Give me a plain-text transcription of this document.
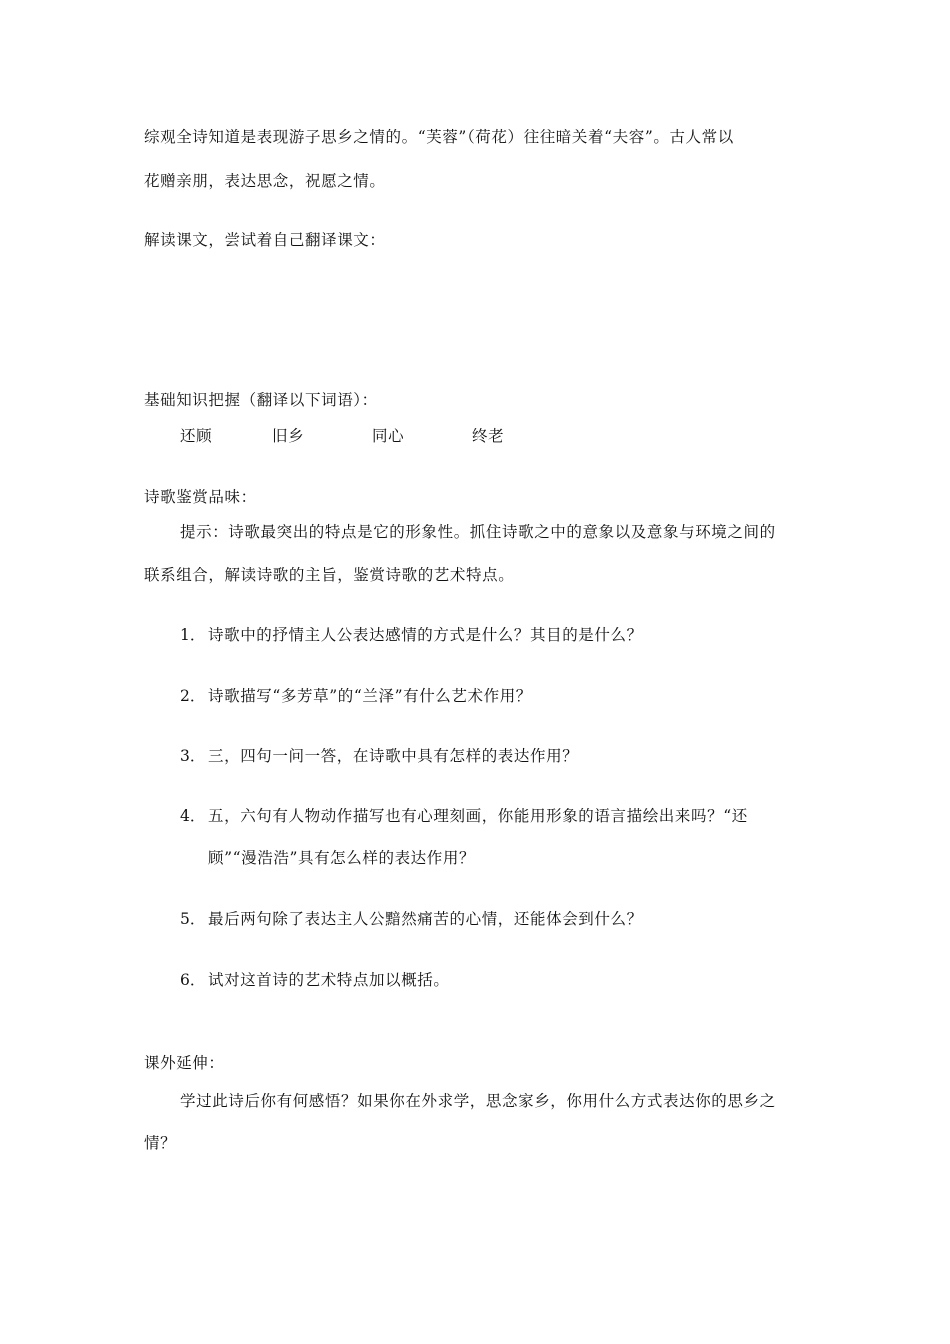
综观全诗知道是表现游子思乡之情的。“芙蓉”（荷花）往往暗关着“夫容”。古人常以
花赠亲朋，表达思念，祝愿之情。
解读课文，尝试着自己翻译课文：
基础知识把握（翻译以下词语）：
还顾	旧乡	同心	终老
诗歌鉴赏品味：
提示：诗歌最突出的特点是它的形象性。抓住诗歌之中的意象以及意象与环境之间的
联系组合，解读诗歌的主旨，鉴赏诗歌的艺术特点。
1． 诗歌中的抒情主人公表达感情的方式是什么？其目的是什么？
2． 诗歌描写“多芳草”的“兰泽”有什么艺术作用？
3． 三，四句一问一答，在诗歌中具有怎样的表达作用？
4． 五，六句有人物动作描写也有心理刻画，你能用形象的语言描绘出来吗？“还
顾”“漫浩浩”具有怎么样的表达作用？
5． 最后两句除了表达主人公黯然痛苦的心情，还能体会到什么？
6． 试对这首诗的艺术特点加以概括。
课外延伸：
学过此诗后你有何感悟？如果你在外求学，思念家乡，你用什么方式表达你的思乡之
情？
